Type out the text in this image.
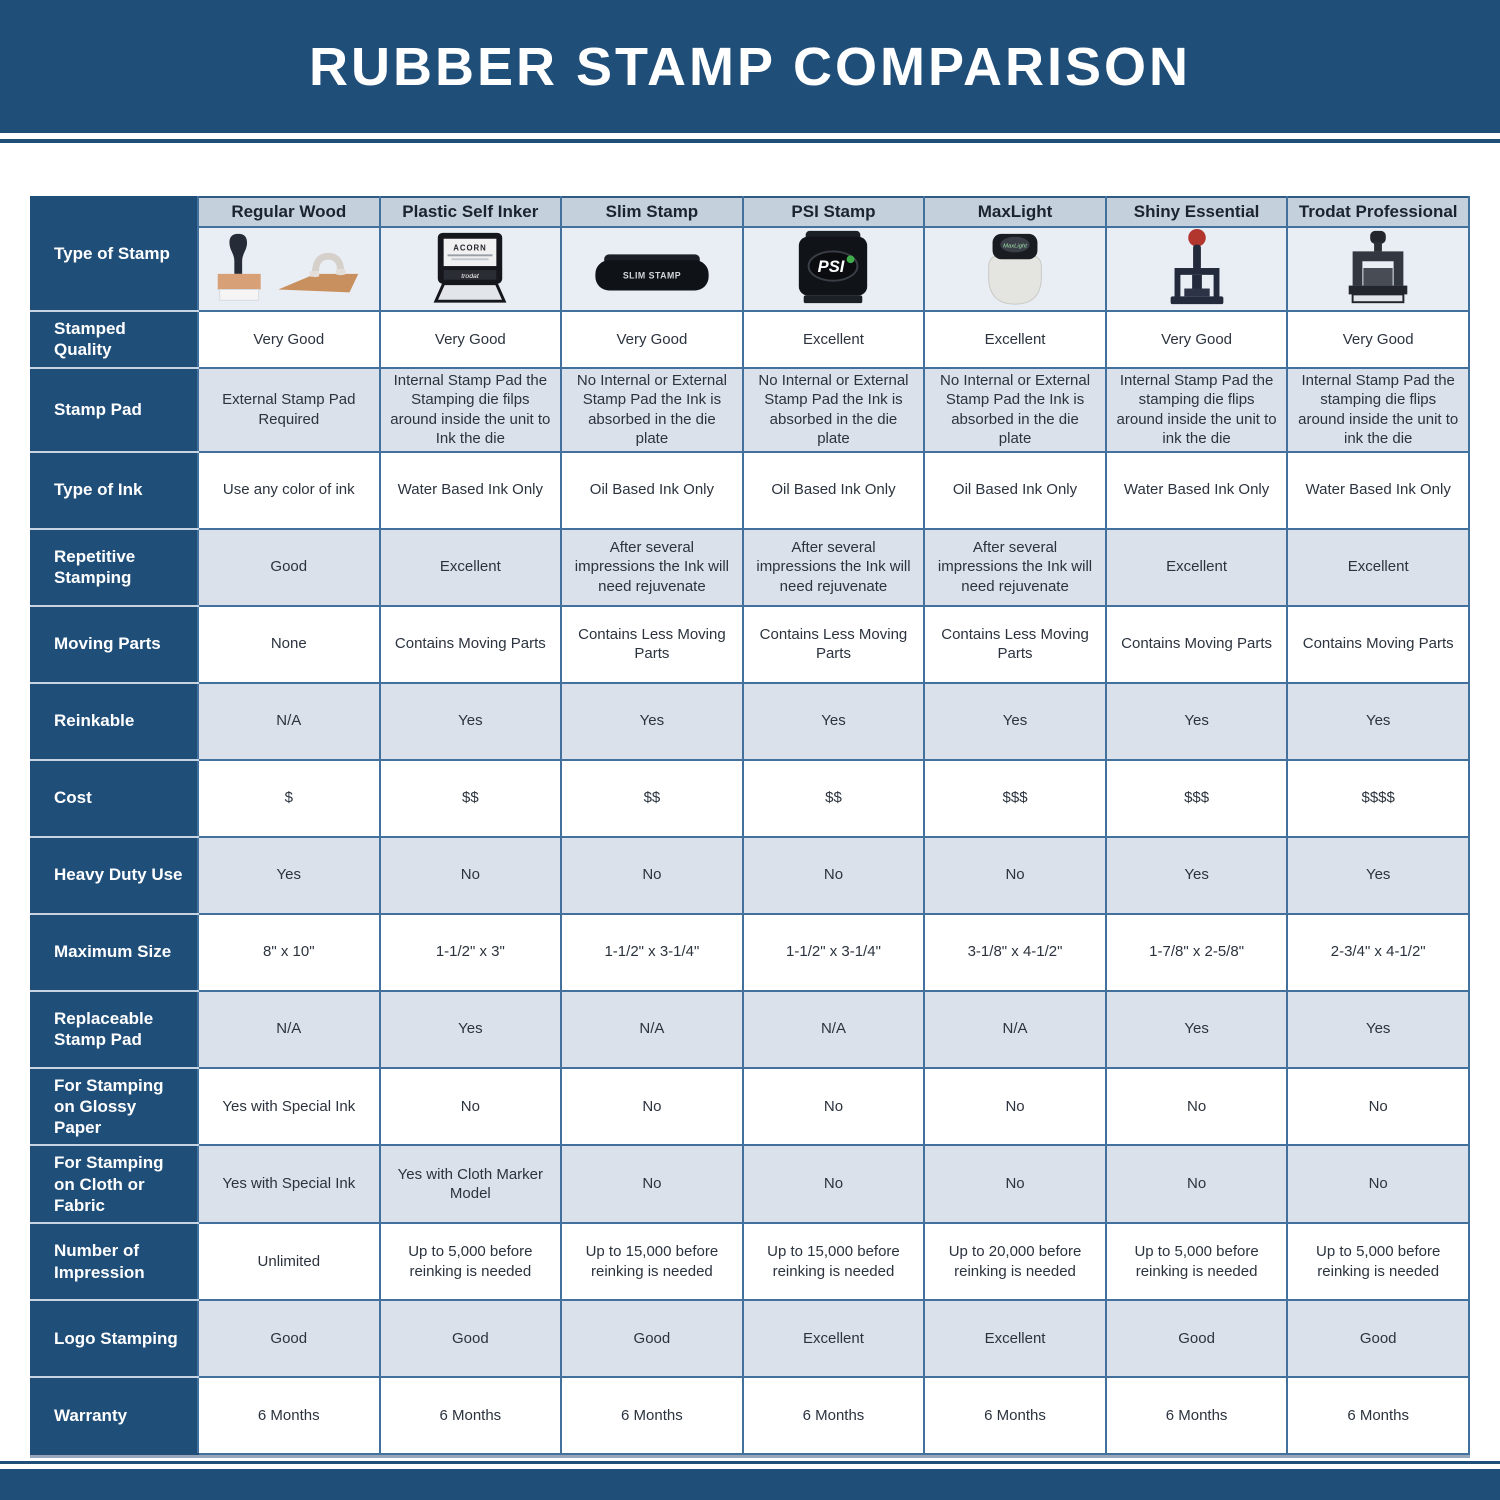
RUBBER STAMP COMPARISON
Type of Stamp	Regular Wood	Plastic Self Inker	Slim Stamp	PSI Stamp	MaxLight	Shiny Essential	Trodat Professional

ACORN
trodat	SLIM STAMP	PSI	MaxLight

Stamped Quality	Very Good	Very Good	Very Good	Excellent	Excellent	Very Good	Very Good
Stamp Pad	External Stamp Pad Required	Internal Stamp Pad the Stamping die filps around inside the unit to Ink the die	No Internal or External Stamp Pad the Ink is absorbed in the die plate	No Internal or External Stamp Pad the Ink is absorbed in the die plate	No Internal or External Stamp Pad the Ink is absorbed in the die plate	Internal Stamp Pad the stamping die flips around inside the unit to ink the die	Internal Stamp Pad the stamping die flips around inside the unit to ink the die
Type of Ink	Use any color of ink	Water Based Ink Only	Oil Based Ink Only	Oil Based Ink Only	Oil Based Ink Only	Water Based Ink Only	Water Based Ink Only
Repetitive Stamping	Good	Excellent	After several impressions the Ink will need rejuvenate	After several impressions the Ink will need rejuvenate	After several impressions the Ink will need rejuvenate	Excellent	Excellent
Moving Parts	None	Contains Moving Parts	Contains Less Moving Parts	Contains Less Moving Parts	Contains Less Moving Parts	Contains Moving Parts	Contains Moving Parts
Reinkable	N/A	Yes	Yes	Yes	Yes	Yes	Yes
Cost	$	$$	$$	$$	$$$	$$$	$$$$
Heavy Duty Use	Yes	No	No	No	No	Yes	Yes
Maximum Size	8" x 10"	1-1/2" x 3"	1-1/2" x 3-1/4"	1-1/2" x 3-1/4"	3-1/8" x 4-1/2"	1-7/8" x 2-5/8"	2-3/4" x 4-1/2"
Replaceable Stamp Pad	N/A	Yes	N/A	N/A	N/A	Yes	Yes
For Stamping on Glossy Paper	Yes with Special Ink	No	No	No	No	No	No
For Stamping on Cloth or Fabric	Yes with Special Ink	Yes with Cloth Marker Model	No	No	No	No	No
Number of Impression	Unlimited	Up to 5,000 before reinking is needed	Up to 15,000 before reinking is needed	Up to 15,000 before reinking is needed	Up to 20,000 before reinking is needed	Up to 5,000 before reinking is needed	Up to 5,000 before reinking is needed
Logo Stamping	Good	Good	Good	Excellent	Excellent	Good	Good
Warranty	6 Months	6 Months	6 Months	6 Months	6 Months	6 Months	6 Months
